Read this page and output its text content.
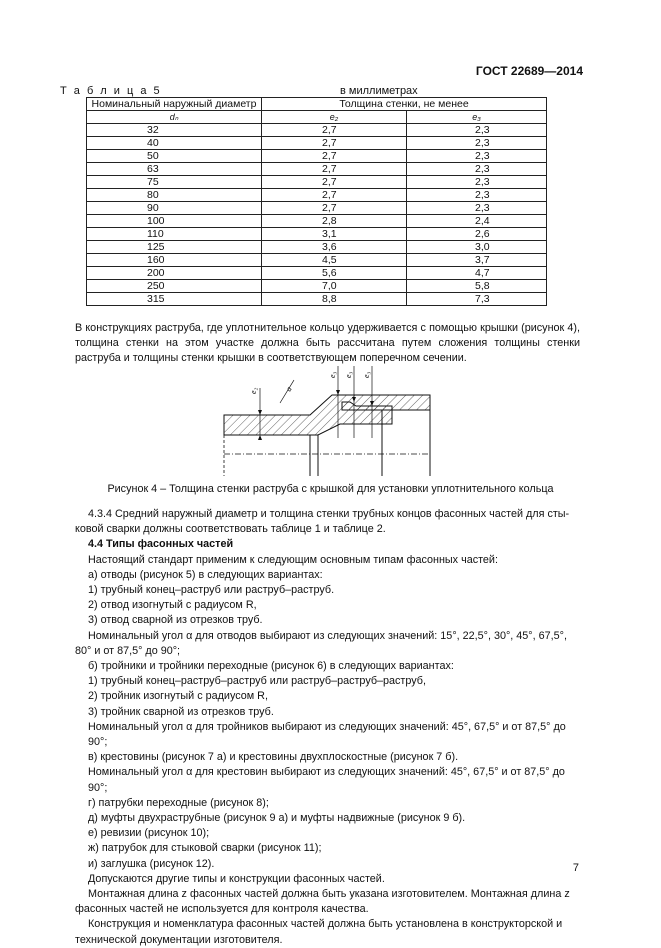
ГОСТ 22689—2014
Т а б л и ц а 5	в миллиметрах
Номинальный наружный диаметр	Толщина стенки, не менее	
dₙ	e₂	e₃
32	2,7	2,3
40	2,7	2,3
50	2,7	2,3
63	2,7	2,3
75	2,7	2,3
80	2,7	2,3
90	2,7	2,3
100	2,8	2,4
110	3,1	2,6
125	3,6	3,0
160	4,5	3,7
200	5,6	4,7
250	7,0	5,8
315	8,8	7,3
В конструкциях раструба, где уплотнительное кольцо удерживается с помощью крышки (рисунок 4), толщина стенки на этом участке должна быть рассчитана путем сложения толщины стенки раструба и толщины стенки крышки в соответствующем поперечном сечении.
e₂	a
e₃ e₃ e₃
Рисунок 4 – Толщина стенки раструба с крышкой для установки уплотнительного кольца
4.3.4 Средний наружный диаметр и толщина стенки трубных концов фасонных частей для сты-
ковой сварки должны соответствовать таблице 1 и таблице 2.
4.4 Типы фасонных частей
Настоящий стандарт применим к следующим основным типам фасонных частей:
а) отводы (рисунок 5) в следующих вариантах:
1) трубный конец–раструб или раструб–раструб.
2) отвод изогнутый с радиусом R,
3) отвод сварной из отрезков труб.
Номинальный угол α для отводов выбирают из следующих значений: 15°, 22,5°, 30°, 45°, 67,5°,
80° и от 87,5° до 90°;
б) тройники и тройники переходные (рисунок 6) в следующих вариантах:
1) трубный конец–раструб–раструб или раструб–раструб–раструб,
2) тройник изогнутый с радиусом R,
3) тройник сварной из отрезков труб.
Номинальный угол α для тройников выбирают из следующих значений: 45°, 67,5° и от 87,5° до 90°;
в) крестовины (рисунок 7 а) и крестовины двухплоскостные (рисунок 7 б).
Номинальный угол α для крестовин выбирают из следующих значений: 45°, 67,5° и от 87,5° до 90°;
г) патрубки переходные (рисунок 8);
д) муфты двухраструбные (рисунок 9 а) и муфты надвижные (рисунок 9 б).
е) ревизии (рисунок 10);
ж) патрубок для стыковой сварки (рисунок 11);
и) заглушка (рисунок 12).
Допускаются другие типы и конструкции фасонных частей.
Монтажная длина z фасонных частей должна быть указана изготовителем. Монтажная длина z
фасонных частей не используется для контроля качества.
Конструкция и номенклатура фасонных частей должна быть установлена в конструкторской и
технической документации изготовителя.
7
